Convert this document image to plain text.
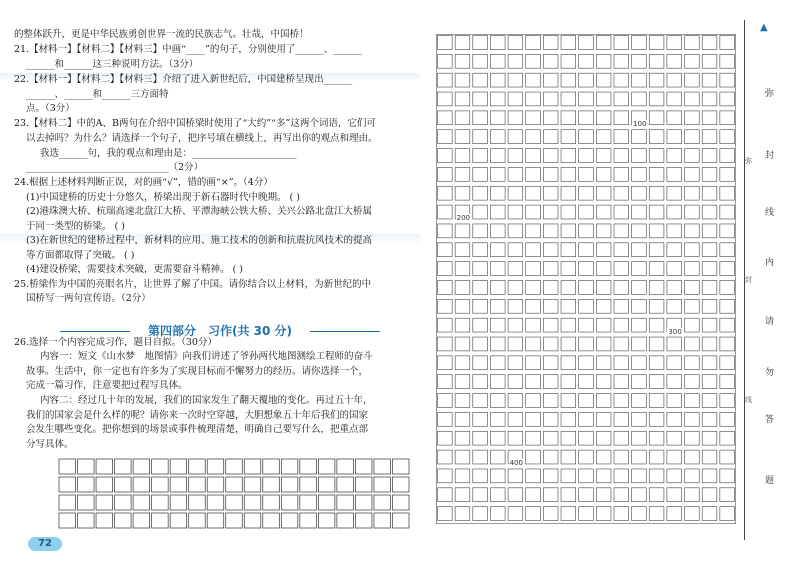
的整体跃升，更是中华民族勇创世界一流的民族志气。壮哉，中国桥！
21.【材料一】【材料二】【材料三】中画“____”的句子，分别使用了______、______
______和______这三种说明方法。（3分）
22.【材料一】【材料二】【材料三】介绍了进入新世纪后，中国建桥呈现出______
______、______和______三方面特
点。（3分）
23.【材料二】中的A、B两句在介绍中国桥梁时使用了“大约”“多”这两个词语，它们可
以去掉吗？为什么？请选择一个句子，把序号填在横线上，再写出你的观点和理由。
我选______句，我的观点和理由是：______________________
______________________________（2分）
24.根据上述材料判断正误，对的画“√”，错的画“×”。（4分）
(1)中国建桥的历史十分悠久，桥梁出现于新石器时代中晚期。 ( )
(2)港珠澳大桥、杭瑞高速北盘江大桥、平潭海峡公铁大桥、关兴公路北盘江大桥属
于同一类型的桥梁。 ( )
(3)在新世纪的建桥过程中，新材料的应用、施工技术的创新和抗震抗风技术的提高
等方面都取得了突破。 ( )
(4)建设桥梁，需要技术突破，更需要奋斗精神。 ( )
25.桥梁作为中国的亮眼名片，让世界了解了中国。请你结合以上材料，为新世纪的中
国桥写一两句宣传语。（2分）
26.选择一个内容完成习作，题目自拟。（30分）
内容一：短文《山水梦　地图情》向我们讲述了爷孙两代地图测绘工程师的奋斗
故事。生活中，你一定也有许多为了实现目标而不懈努力的经历。请你选择一个，
完成一篇习作，注意要把过程写具体。
内容二：经过几十年的发展，我们的国家发生了翻天覆地的变化。再过五十年，
我们的国家会是什么样的呢？请你来一次时空穿越，大胆想象五十年后我们的国家
会发生哪些变化。把你想到的场景或事件梳理清楚，明确自己要写什么，把重点部
分写具体。
第四部分　习作(共 30 分)
72
100
200
300
400
▲
弥
封
弥
线
内
封
请
勿
线
答
题
